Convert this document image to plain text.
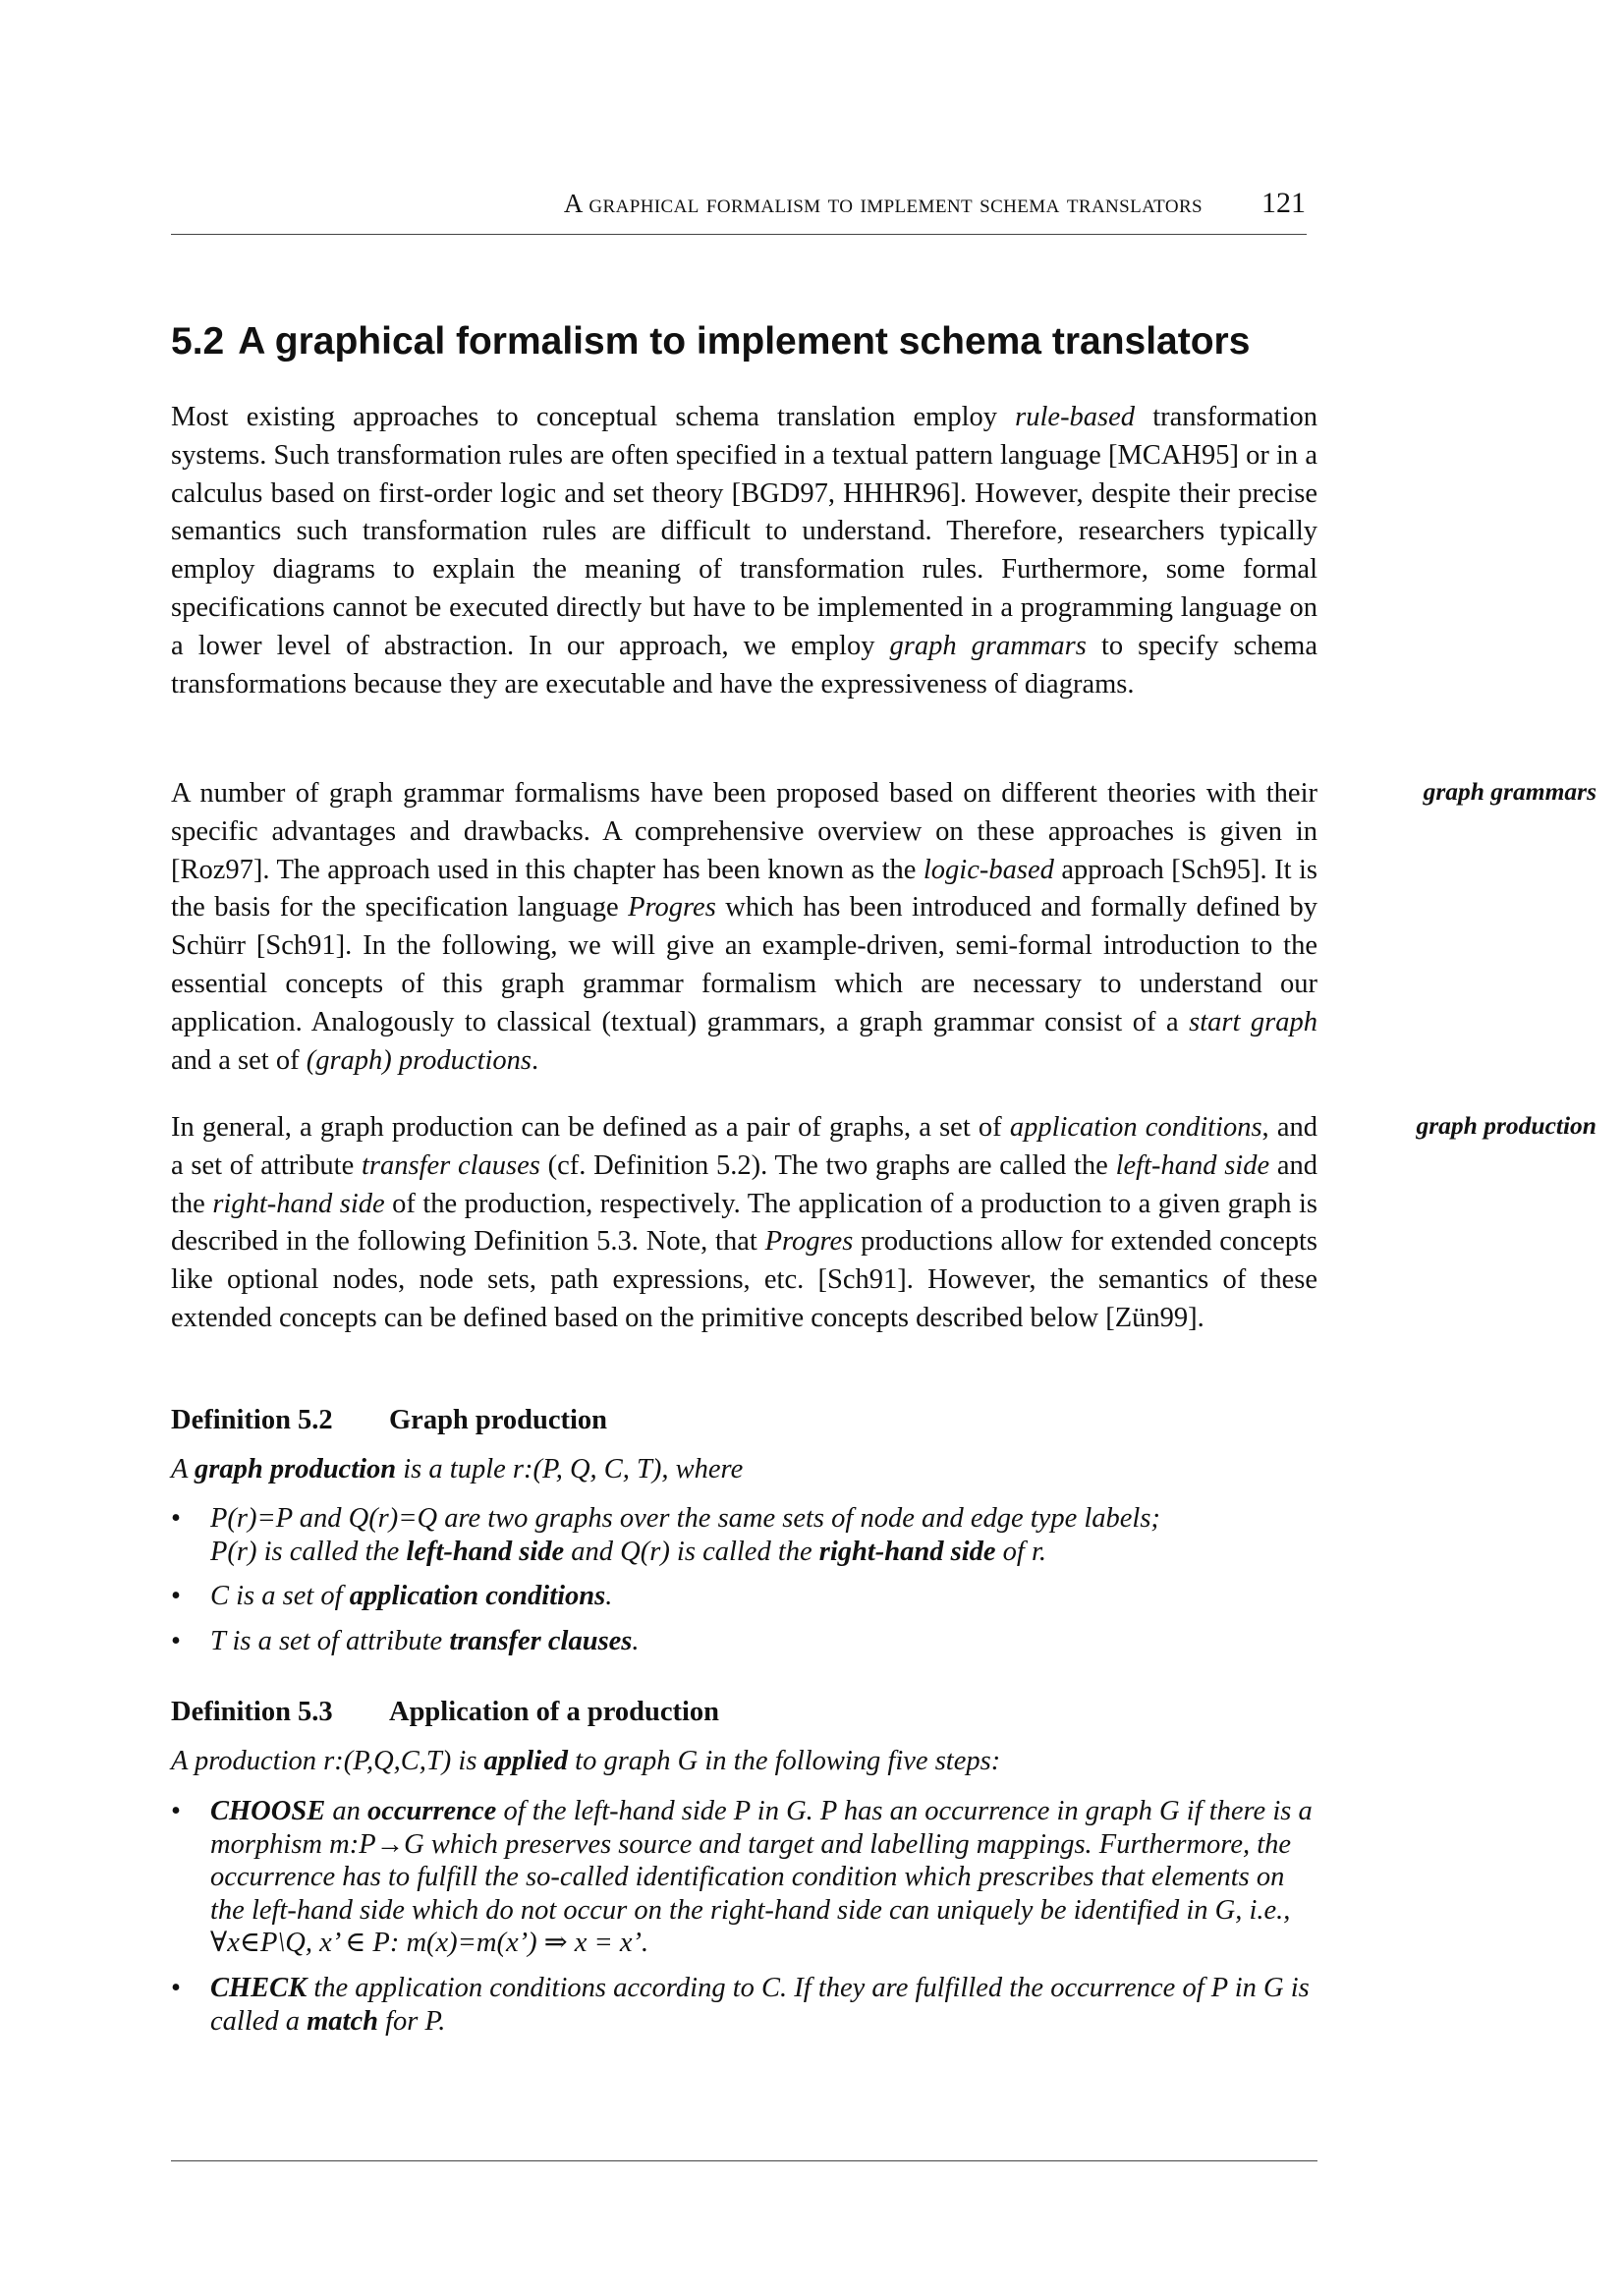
A graphical formalism to implement schema translators 121
5.2 A graphical formalism to implement schema translators

Most existing approaches to conceptual schema translation employ rule-based transformation systems. Such transformation rules are often specified in a textual pattern language [MCAH95] or in a calculus based on first-order logic and set theory [BGD97, HHHR96]. However, despite their precise semantics such transformation rules are difficult to understand. Therefore, researchers typically employ diagrams to explain the meaning of transformation rules. Furthermore, some formal specifications cannot be executed directly but have to be implemented in a programming language on a lower level of abstraction. In our approach, we employ graph grammars to specify schema transformations because they are executable and have the expressiveness of diagrams.

A number of graph grammar formalisms have been proposed based on different theories with their specific advantages and drawbacks. A comprehensive overview on these approaches is given in [Roz97]. The approach used in this chapter has been known as the logic-based approach [Sch95]. It is the basis for the specification language Progres which has been introduced and formally defined by Schürr [Sch91]. In the following, we will give an example-driven, semi-formal introduction to the essential concepts of this graph grammar formalism which are necessary to understand our application. Analogously to classical (textual) grammars, a graph grammar consist of a start graph and a set of (graph) productions.

graph grammars

In general, a graph production can be defined as a pair of graphs, a set of application conditions, and a set of attribute transfer clauses (cf. Definition 5.2). The two graphs are called the left-hand side and the right-hand side of the production, respectively. The application of a production to a given graph is described in the following Definition 5.3. Note, that Progres productions allow for extended concepts like optional nodes, node sets, path expressions, etc. [Sch91]. However, the semantics of these extended concepts can be defined based on the primitive concepts described below [Zün99].

graph production
Definition 5.2 Graph production

A graph production is a tuple r:(P, Q, C, T), where

• P(r)=P and Q(r)=Q are two graphs over the same sets of node and edge type labels;
P(r) is called the left-hand side and Q(r) is called the right-hand side of r.
• C is a set of application conditions.
• T is a set of attribute transfer clauses.
Definition 5.3 Application of a production

A production r:(P,Q,C,T) is applied to graph G in the following five steps:

• CHOOSE an occurrence of the left-hand side P in G. P has an occurrence in graph G if there is a morphism m:P→G which preserves source and target and labelling mappings. Furthermore, the occurrence has to fulfill the so-called identification condition which prescribes that elements on the left-hand side which do not occur on the right-hand side can uniquely be identified in G, i.e., ∀x∈P\Q, x’ ∈ P: m(x)=m(x’) ⇒ x = x’.
• CHECK the application conditions according to C. If they are fulfilled the occurrence of P in G is called a match for P.
